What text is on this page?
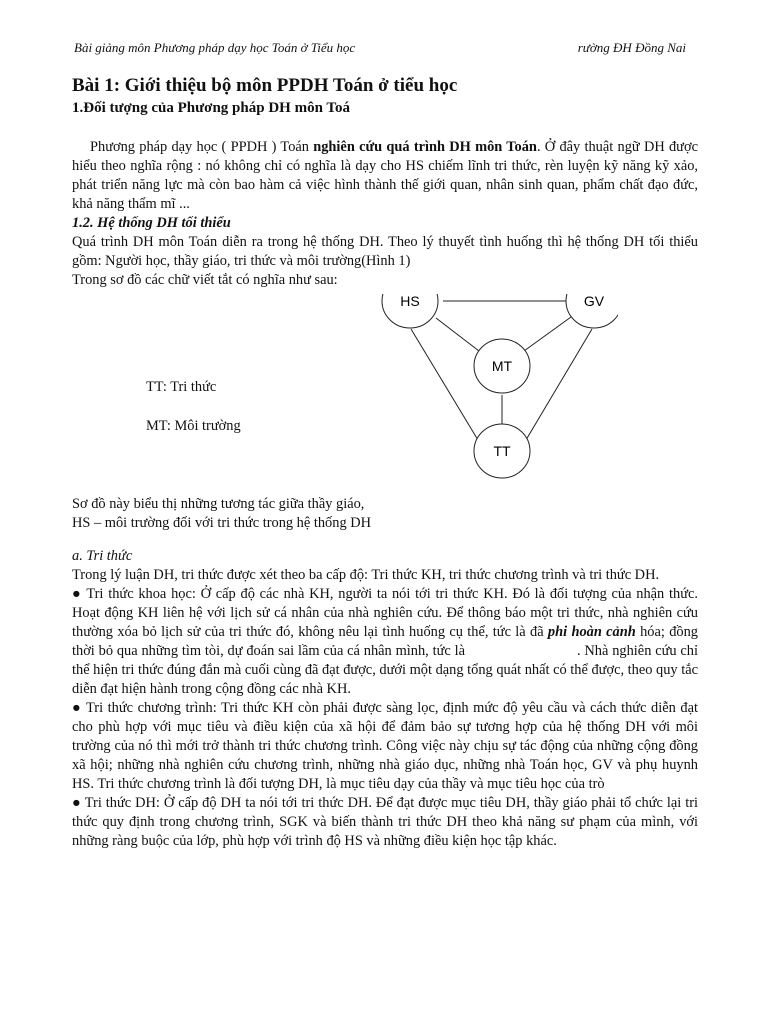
Bài giảng môn Phương pháp dạy học Toán ở Tiểu học	rường ĐH Đồng Nai
Bài 1: Giới thiệu bộ môn PPDH Toán ở tiểu học
1.Đối tượng của Phương pháp DH môn Toá

Phương pháp dạy học ( PPDH ) Toán nghiên cứu quá trình DH môn Toán. Ở đây thuật ngữ DH được hiểu theo nghĩa rộng : nó không chỉ có nghĩa là dạy cho HS chiếm lĩnh tri thức, rèn luyện kỹ năng kỹ xảo, phát triển năng lực mà còn bao hàm cả việc hình thành thế giới quan, nhân sinh quan, phẩm chất đạo đức, khả năng thẩm mĩ ...

1.2. Hệ thống DH tối thiểu

Quá trình DH môn Toán diễn ra trong hệ thống DH. Theo lý thuyết tình huống thì hệ thống DH tối thiểu gồm: Người học, thầy giáo, tri thức và môi trường(Hình 1)

Trong sơ đồ các chữ viết tắt có nghĩa như sau:

TT: Tri thức

MT: Môi trường

HS	GV
MT
TT

Sơ đồ này biểu thị những tương tác giữa thầy giáo, HS – môi trường đối với tri thức trong hệ thống DH

a. Tri thức

Trong lý luận DH, tri thức được xét theo ba cấp độ: Tri thức KH, tri thức chương trình và tri thức DH.

● Tri thức khoa học: Ở cấp độ các nhà KH, người ta nói tới tri thức KH. Đó là đối tượng của nhận thức. Hoạt động KH liên hệ với lịch sử cá nhân của nhà nghiên cứu. Để thông báo một tri thức, nhà nghiên cứu thường xóa bỏ lịch sử của tri thức đó, không nêu lại tình huống cụ thể, tức là đã phi hoàn cảnh hóa; đồng thời bỏ qua những tìm tòi, dự đoán sai lầm của cá nhân mình, tức là	. Nhà nghiên cứu chỉ thể hiện tri thức đúng đắn mà cuối cùng đã đạt được, dưới một dạng tổng quát nhất có thể được, theo quy tắc diễn đạt hiện hành trong cộng đồng các nhà KH.

● Tri thức chương trình: Tri thức KH còn phải được sàng lọc, định mức độ yêu cầu và cách thức diễn đạt cho phù hợp với mục tiêu và điều kiện của xã hội để đảm bảo sự tương hợp của hệ thống DH với môi trường của nó thì mới trở thành tri thức chương trình. Công việc này chịu sự tác động của những cộng đồng xã hội; những nhà nghiên cứu chương trình, những nhà giáo dục, những nhà Toán học, GV và phụ huynh HS. Tri thức chương trình là đối tượng DH, là mục tiêu dạy của thầy và mục tiêu học của trò

● Tri thức DH: Ở cấp độ DH ta nói tới tri thức DH. Để đạt được mục tiêu DH, thầy giáo phải tổ chức lại tri thức quy định trong chương trình, SGK và biến thành tri thức DH theo khả năng sư phạm của mình, với những ràng buộc của lớp, phù hợp với trình độ HS và những điều kiện học tập khác.
